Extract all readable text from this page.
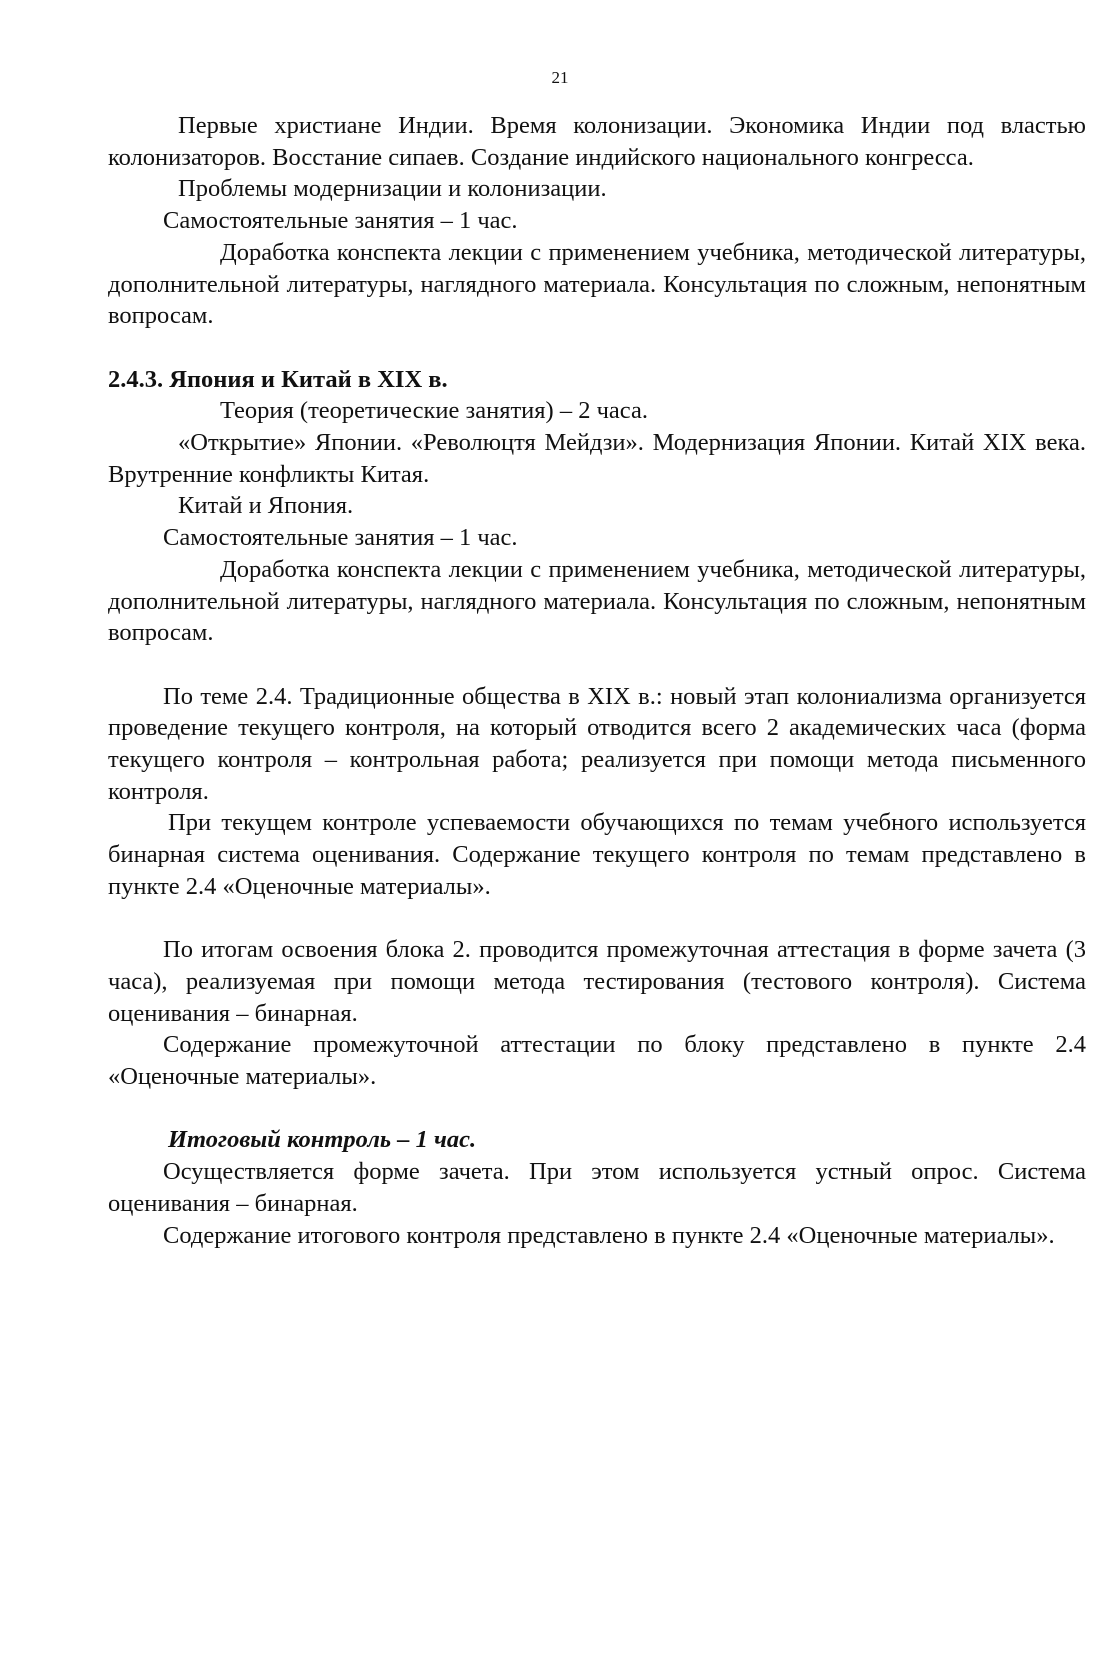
21

Первые христиане Индии. Время колонизации. Экономика Индии под властью колонизаторов. Восстание сипаев. Создание индийского национального конгресса.

Проблемы модернизации и колонизации.

Самостоятельные занятия – 1 час.

Доработка конспекта лекции с применением учебника, методической литературы, дополнительной литературы, наглядного материала. Консультация по сложным, непонятным вопросам.

2.4.3. Япония и Китай в XIX в.

Теория (теоретические занятия) – 2 часа.

«Открытие» Японии. «Революцтя Мейдзи». Модернизация Японии. Китай XIX века. Врутренние конфликты Китая.

Китай и Япония.

Самостоятельные занятия – 1 час.

Доработка конспекта лекции с применением учебника, методической литературы, дополнительной литературы, наглядного материала. Консультация по сложным, непонятным вопросам.

По теме 2.4. Традиционные общества в XIX в.: новый этап колониализма организуется проведение текущего контроля, на который отводится всего 2 академических часа (форма текущего контроля – контрольная работа; реализуется при помощи метода письменного контроля.

При текущем контроле успеваемости обучающихся по темам учебного используется бинарная система оценивания. Содержание текущего контроля по темам представлено в пункте 2.4 «Оценочные материалы».

По итогам освоения блока 2. проводится промежуточная аттестация в форме зачета (3 часа), реализуемая при помощи метода тестирования (тестового контроля). Система оценивания – бинарная.

Содержание промежуточной аттестации по блоку представлено в пункте 2.4 «Оценочные материалы».

Итоговый контроль – 1 час.

Осуществляется форме зачета. При этом используется устный опрос. Система оценивания – бинарная.

Содержание итогового контроля представлено в пункте 2.4 «Оценочные материалы».
